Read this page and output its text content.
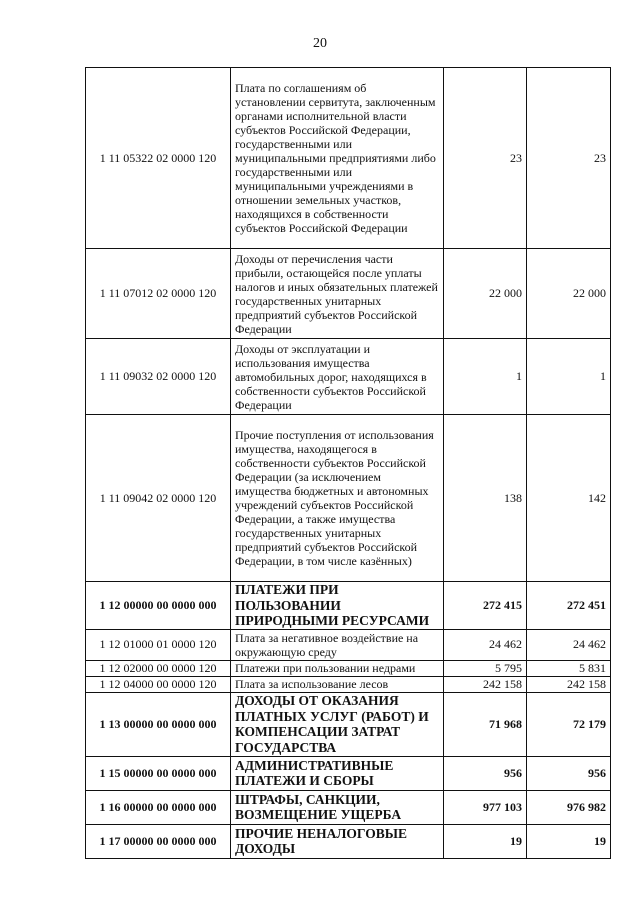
20
1 11 05322 02 0000 120	Плата по соглашениям об установлении сервитута, заключенным органами исполнительной власти субъектов Российской Федерации, государственными или муниципальными предприятиями либо государственными или муниципальными учреждениями в отношении земельных участков, находящихся в собственности субъектов Российской Федерации	23	23
1 11 07012 02 0000 120	Доходы от перечисления части прибыли, остающейся после уплаты налогов и иных обязательных платежей государственных унитарных предприятий субъектов Российской Федерации	22 000	22 000
1 11 09032 02 0000 120	Доходы от эксплуатации и использования имущества автомобильных дорог, находящихся в собственности субъектов Российской Федерации	1	1
1 11 09042 02 0000 120	Прочие поступления от использования имущества, находящегося в собственности субъектов Российской Федерации (за исключением имущества бюджетных и автономных учреждений субъектов Российской Федерации, а также имущества государственных унитарных предприятий субъектов Российской Федерации, в том числе казённых)	138	142
1 12 00000 00 0000 000	ПЛАТЕЖИ ПРИ ПОЛЬЗОВАНИИ ПРИРОДНЫМИ РЕСУРСАМИ	272 415	272 451
1 12 01000 01 0000 120	Плата за негативное воздействие на окружающую среду	24 462	24 462
1 12 02000 00 0000 120	Платежи при пользовании недрами	5 795	5 831
1 12 04000 00 0000 120	Плата за использование лесов	242 158	242 158
1 13 00000 00 0000 000	ДОХОДЫ ОТ ОКАЗАНИЯ ПЛАТНЫХ УСЛУГ (РАБОТ) И КОМПЕНСАЦИИ ЗАТРАТ ГОСУДАРСТВА	71 968	72 179
1 15 00000 00 0000 000	АДМИНИСТРАТИВНЫЕ ПЛАТЕЖИ И СБОРЫ	956	956
1 16 00000 00 0000 000	ШТРАФЫ, САНКЦИИ, ВОЗМЕЩЕНИЕ УЩЕРБА	977 103	976 982
1 17 00000 00 0000 000	ПРОЧИЕ НЕНАЛОГОВЫЕ ДОХОДЫ	19	19
